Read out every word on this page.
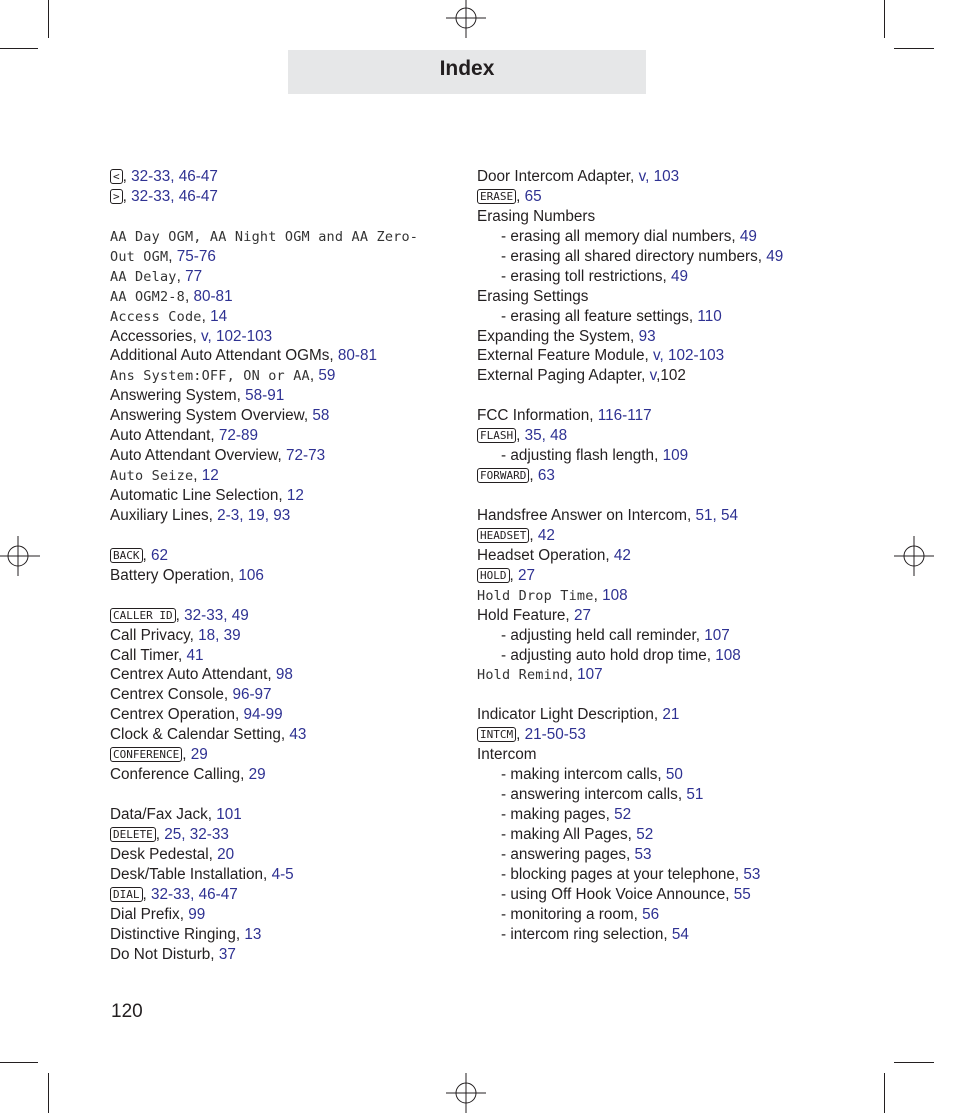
Index
< , 32-33, 46-47
> , 32-33, 46-47
AA Day OGM, AA Night OGM and AA Zero-
Out OGM, 75-76
AA Delay, 77
AA OGM2-8, 80-81
Access Code, 14
Accessories, v, 102-103
Additional Auto Attendant OGMs, 80-81
Ans System:OFF, ON or AA, 59
Answering System, 58-91
Answering System Overview, 58
Auto Attendant, 72-89
Auto Attendant Overview, 72-73
Auto Seize, 12
Automatic Line Selection, 12
Auxiliary Lines, 2-3, 19, 93
BACK , 62
Battery Operation, 106
CALLER ID , 32-33, 49
Call Privacy, 18, 39
Call Timer, 41
Centrex Auto Attendant, 98
Centrex Console, 96-97
Centrex Operation, 94-99
Clock & Calendar Setting, 43
CONFERENCE , 29
Conference Calling, 29
Data/Fax Jack, 101
DELETE , 25, 32-33
Desk Pedestal, 20
Desk/Table Installation, 4-5
DIAL , 32-33, 46-47
Dial Prefix, 99
Distinctive Ringing, 13
Do Not Disturb, 37
Door Intercom Adapter, v, 103
ERASE , 65
Erasing Numbers
- erasing all memory dial numbers, 49
- erasing all shared directory numbers, 49
- erasing toll restrictions, 49
Erasing Settings
- erasing all feature settings, 110
Expanding the System, 93
External Feature Module, v, 102-103
External Paging Adapter, v,102
FCC Information, 116-117
FLASH , 35, 48
- adjusting flash length, 109
FORWARD , 63
Handsfree Answer on Intercom, 51, 54
HEADSET , 42
Headset Operation, 42
HOLD , 27
Hold Drop Time, 108
Hold Feature, 27
- adjusting held call reminder, 107
- adjusting auto hold drop time, 108
Hold Remind, 107
Indicator Light Description, 21
INTCM , 21-50-53
Intercom
- making intercom calls, 50
- answering intercom calls, 51
- making pages, 52
- making All Pages, 52
- answering pages, 53
- blocking pages at your telephone, 53
- using Off Hook Voice Announce, 55
- monitoring a room, 56
- intercom ring selection, 54
120
